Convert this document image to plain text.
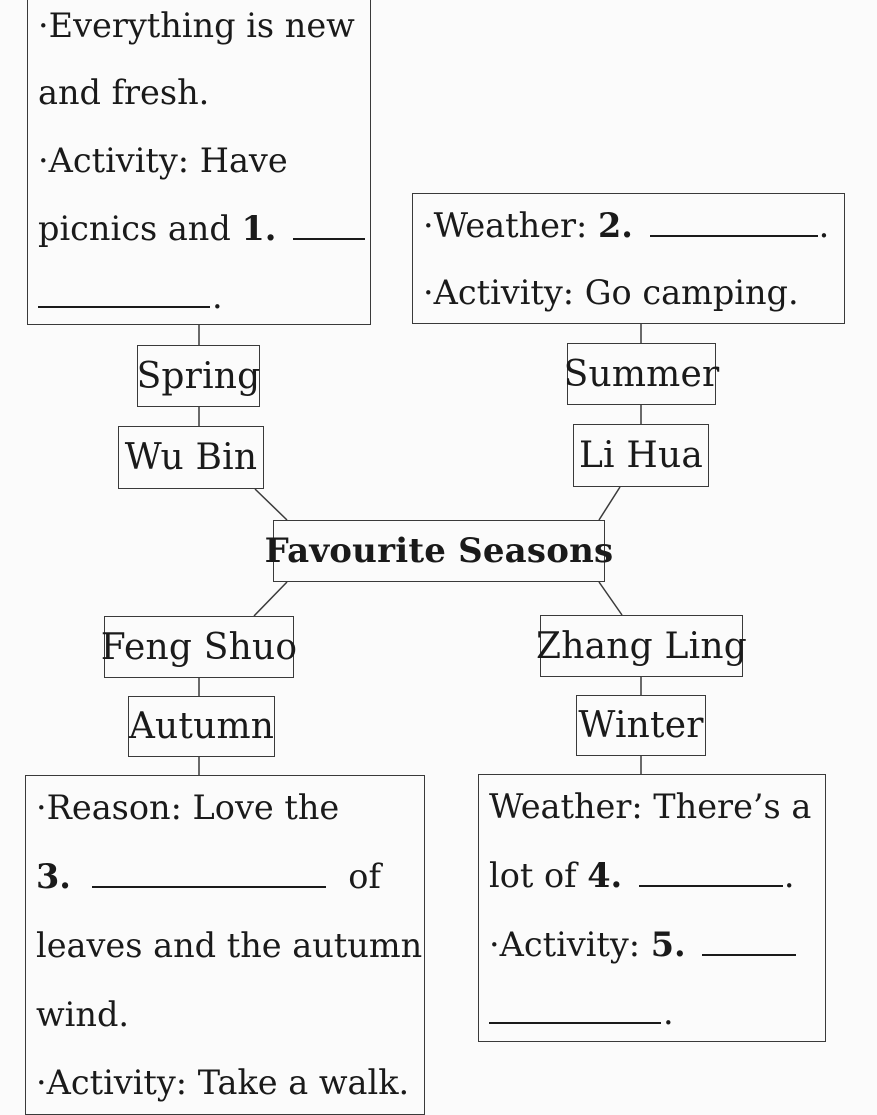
Favourite Seasons
·Everything is new
and fresh.
·Activity: Have
picnics and 1.
.
Spring
Wu Bin
·Weather: 2.	.
·Activity: Go camping.
Summer
Li Hua
Feng Shuo
Autumn
·Reason: Love the
3.	of
leaves and the autumn
wind.
·Activity: Take a walk.
Zhang Ling
Winter
Weather: There’s a
lot of 4.	.
·Activity: 5.
.
